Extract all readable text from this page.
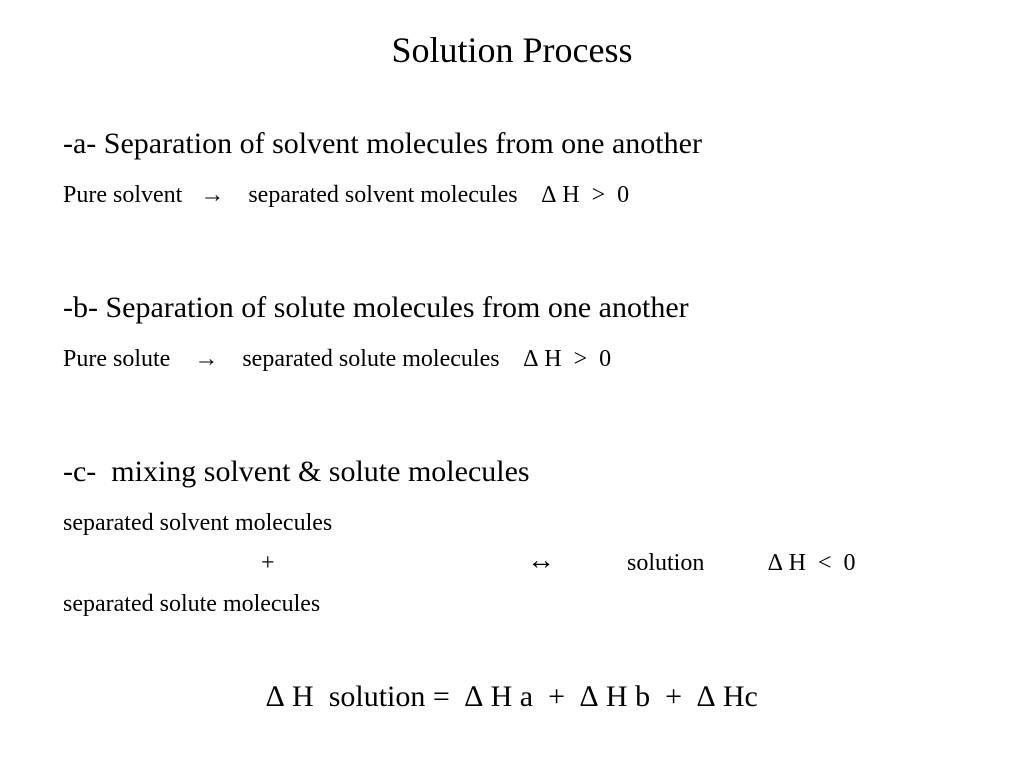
Solution Process
-a- Separation of solvent molecules from one another
Pure solvent   →    separated solvent molecules    ∆ H  >  0
-b- Separation of solute molecules from one another
Pure solute    →    separated solute molecules    ∆ H  >  0
-c-  mixing solvent & solute molecules
separated solvent molecules
+	↔	solution	∆ H  <  0
separated solute molecules
∆ H  solution =  ∆ H a  +  ∆ H b  +  ∆ Hc
